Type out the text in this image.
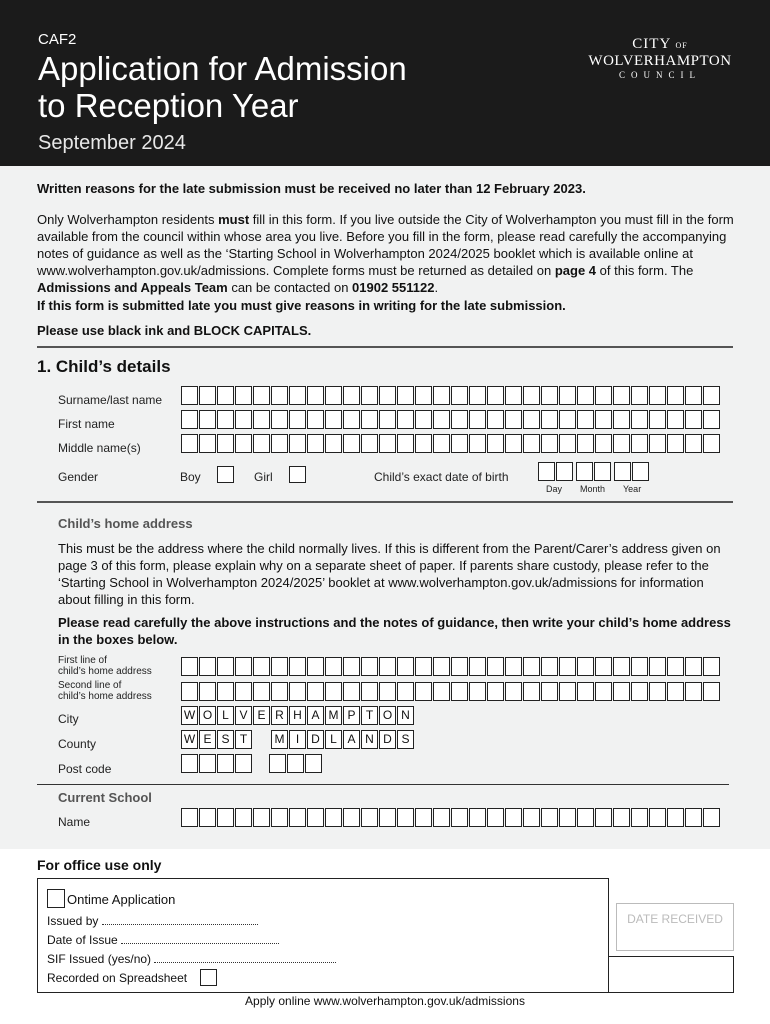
CAF2
Application for Admission
to Reception Year
September 2024
CITY OF
WOLVERHAMPTON
COUNCIL
Written reasons for the late submission must be received no later than 12 February 2023.
Only Wolverhampton residents must fill in this form. If you live outside the City of Wolverhampton you must fill in the form available from the council within whose area you live. Before you fill in the form, please read carefully the accompanying notes of guidance as well as the ‘Starting School in Wolverhampton 2024/2025 booklet which is available online at www.wolverhampton.gov.uk/admissions. Complete forms must be returned as detailed on page 4 of this form. The Admissions and Appeals Team can be contacted on 01902 551122.
If this form is submitted late you must give reasons in writing for the late submission.
Please use black ink and BLOCK CAPITALS.
1. Child’s details
Surname/last name
First name
Middle name(s)
Gender	Boy	Girl	Child’s exact date of birth
Day Month Year
Child’s home address
This must be the address where the child normally lives. If this is different from the Parent/Carer’s address given on page 3 of this form, please explain why on a separate sheet of paper. If parents share custody, please refer to the ‘Starting School in Wolverhampton 2024/2025’ booklet at www.wolverhampton.gov.uk/admissions for information about filling in this form.
Please read carefully the above instructions and the notes of guidance, then write your child’s home address in the boxes below.
First line of
child’s home address
Second line of
child’s home address
City	W O L V E R H A M P T O N
County	W E S T	M I D L A N D S
Post code
Current School
Name
For office use only
Ontime Application
Issued by
Date of Issue
SIF Issued (yes/no)
Recorded on Spreadsheet
DATE RECEIVED
Apply online www.wolverhampton.gov.uk/admissions
